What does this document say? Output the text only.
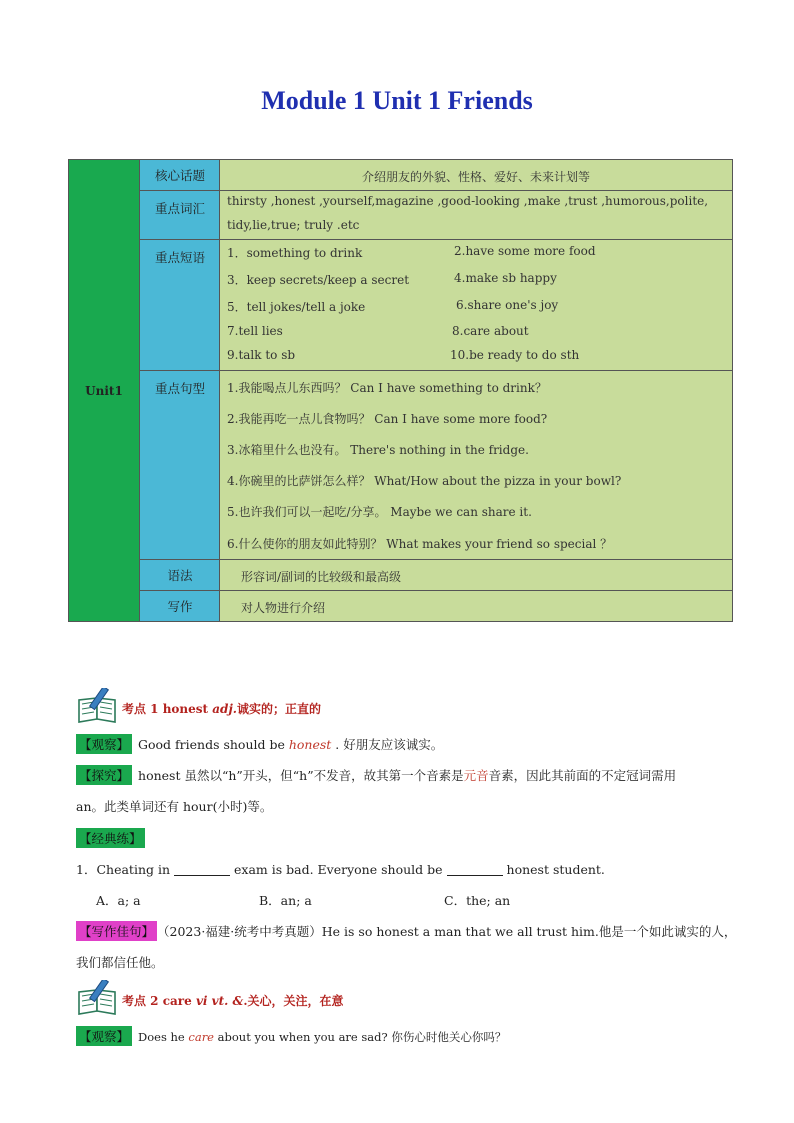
Module 1 Unit 1 Friends
Unit1
核心话题	介绍朋友的外貌、性格、爱好、未来计划等
重点词汇	thirsty ,honest ,yourself,magazine ,good-looking ,make ,trust ,humorous,polite,
tidy,lie,true; truly .etc
重点短语	1．something to drink	2.have some more food
3．keep secrets/keep a secret	4.make sb happy
5．tell jokes/tell a joke	6.share one's joy
7.tell lies	8.care about
9.talk to sb	10.be ready to do sth
重点句型	1.我能喝点儿东西吗？ Can I have something to drink？
2.我能再吃一点儿食物吗？ Can I have some more food?
3.冰箱里什么也没有。 There's nothing in the fridge.
4.你碗里的比萨饼怎么样？ What/How about the pizza in your bowl?
5.也许我们可以一起吃/分享。 Maybe we can share it.
6.什么使你的朋友如此特别？ What makes your friend so special ？
语法	形容词/副词的比较级和最高级
写作	对人物进行介绍
考点 1 honest adj.诚实的；正直的
【观察】 Good friends should be honest . 好朋友应该诚实。
【探究】 honest 虽然以“h”开头，但“h”不发音，故其第一个音素是元音音素，因此其前面的不定冠词需用
an。此类单词还有 hour(小时)等。
【经典练】
1．Cheating in	exam is bad. Everyone should be	honest student.
A．a; a	B．an; a	C．the; an
【写作佳句】 （2023·福建·统考中考真题）He is so honest a man that we all trust him.他是一个如此诚实的人，
我们都信任他。
考点 2 care vi vt. &.关心，关注，在意
【观察】 Does he care about you when you are sad? 你伤心时他关心你吗？
